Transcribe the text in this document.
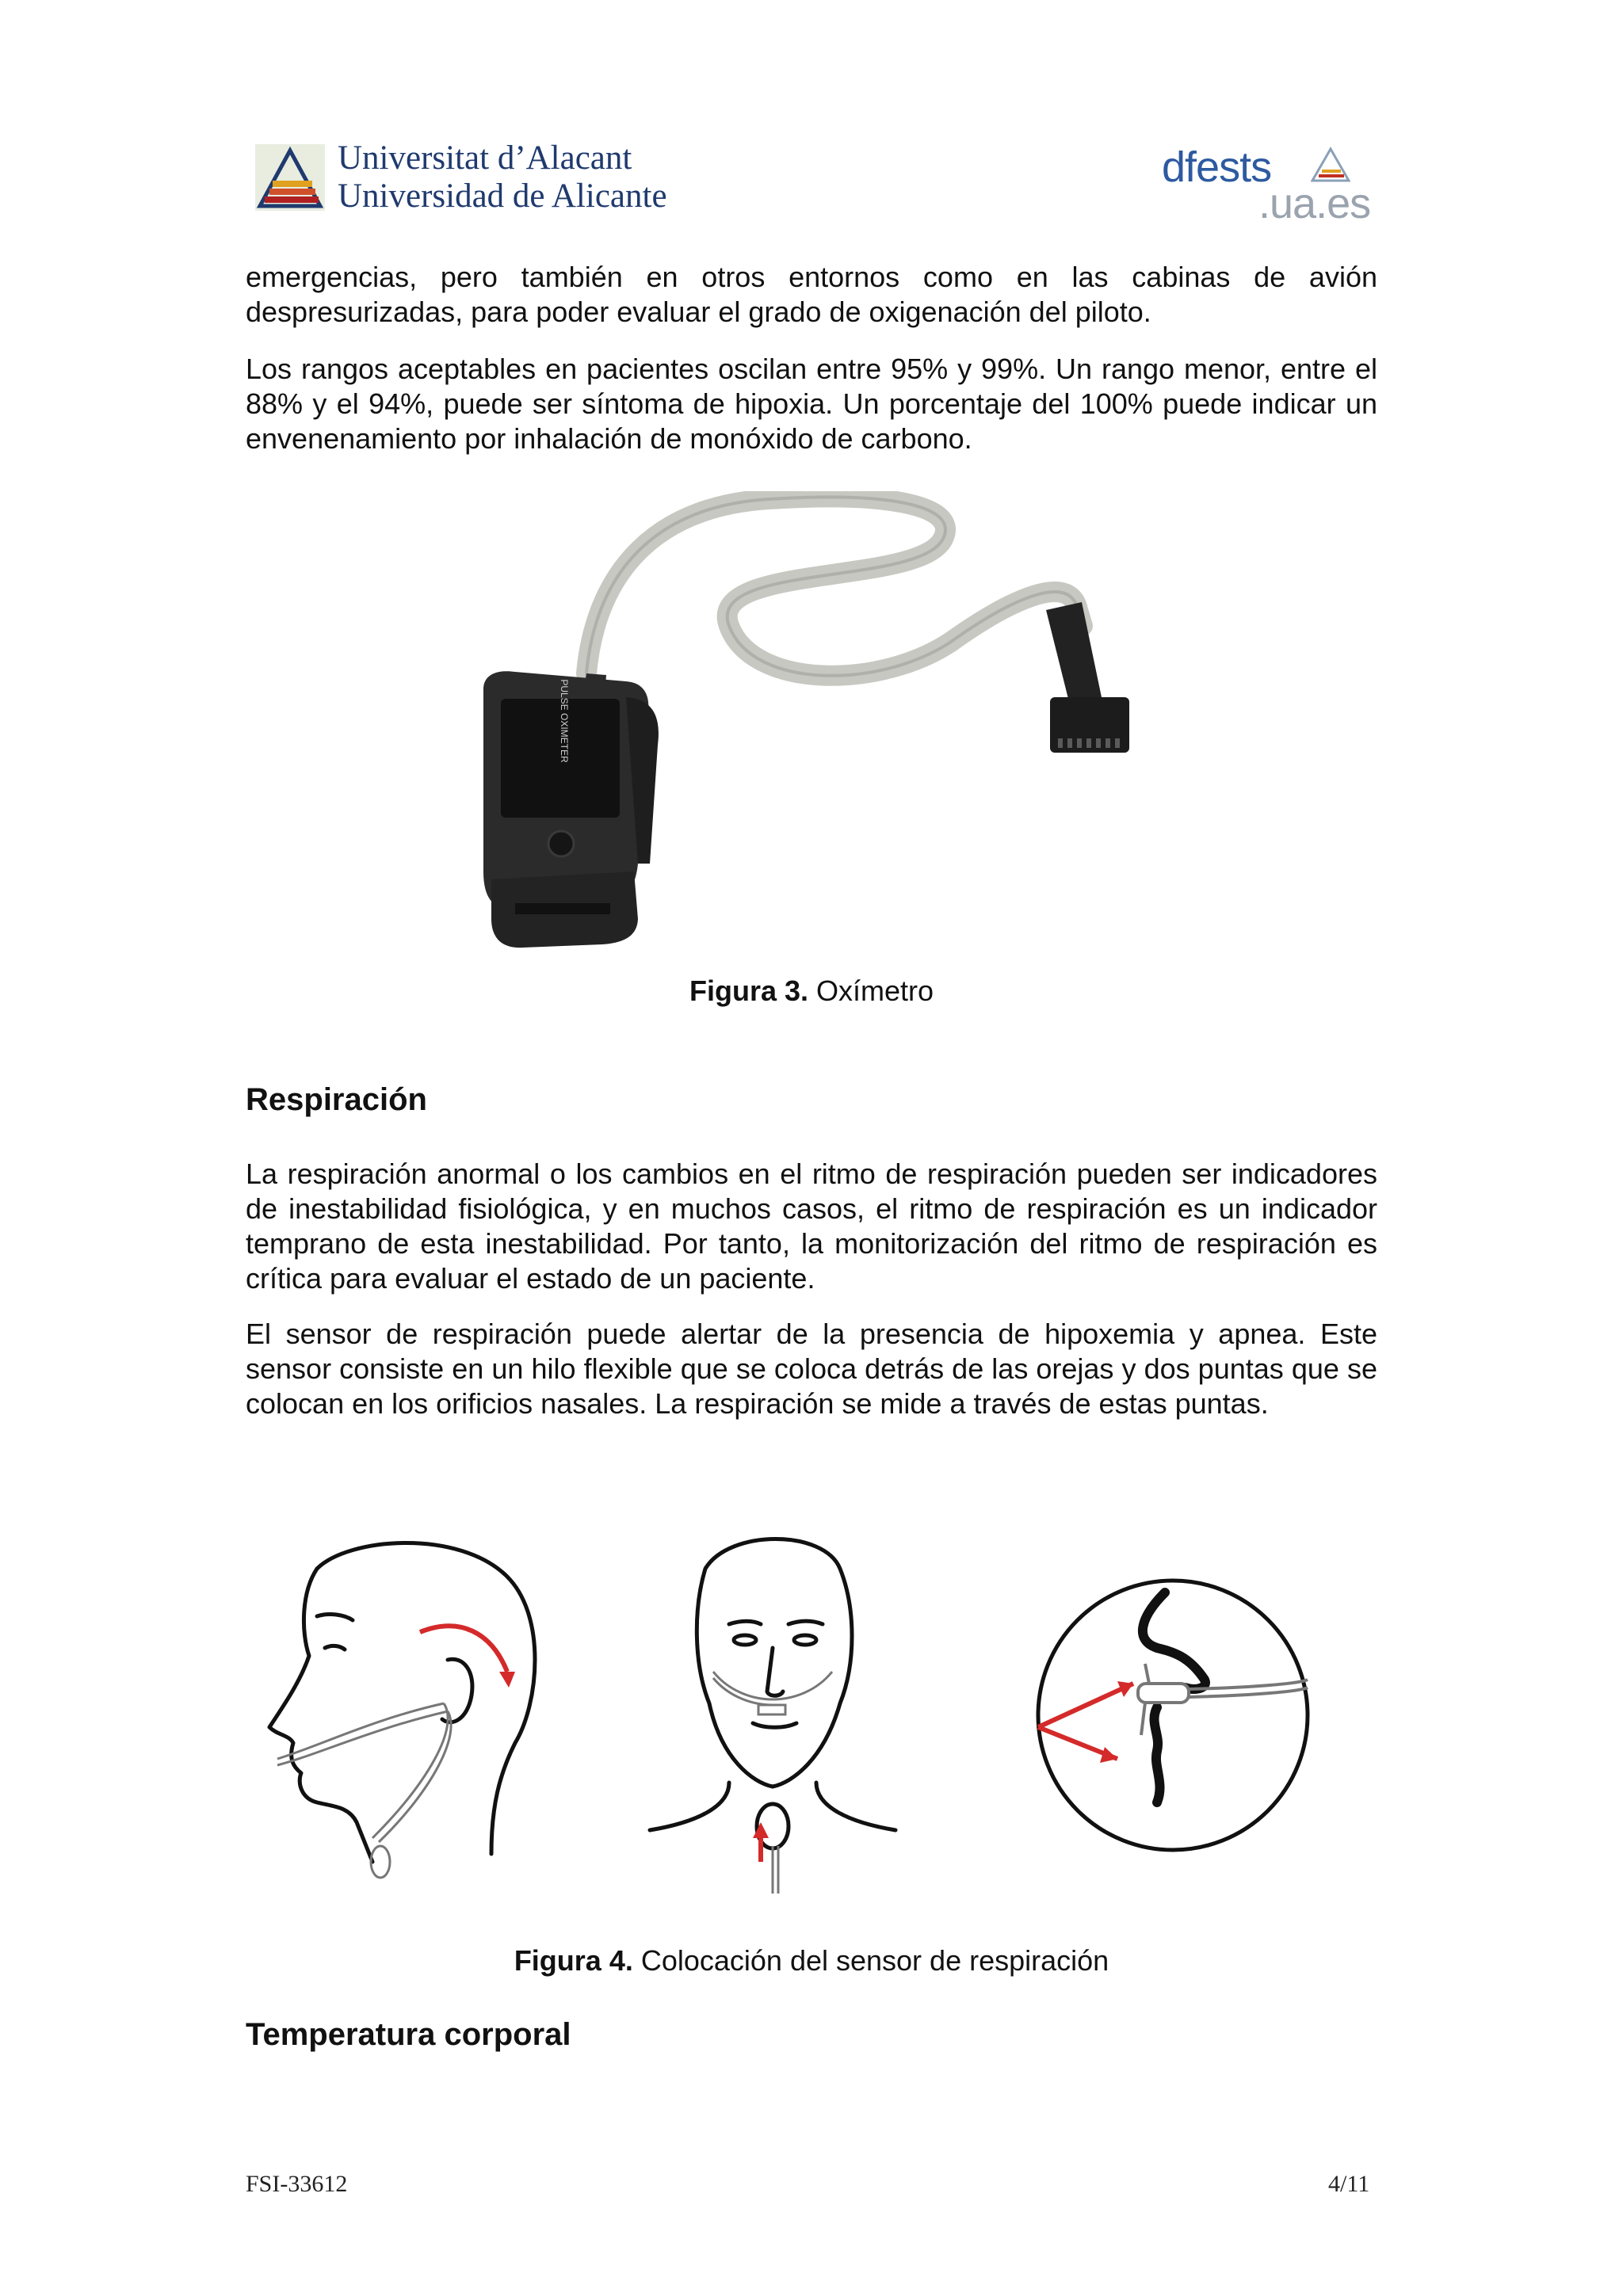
Universitat d’Alacant
Universidad de Alicante
dfests
.ua.es

emergencias, pero también en otros entornos como en las cabinas de avión despresurizadas, para poder evaluar el grado de oxigenación del piloto.

Los rangos aceptables en pacientes oscilan entre 95% y 99%. Un rango menor, entre el 88% y el 94%, puede ser síntoma de hipoxia. Un porcentaje del 100% puede indicar un envenenamiento por inhalación de monóxido de carbono.

PULSE OXIMETER
Figura 3. Oxímetro
Respiración

La respiración anormal o los cambios en el ritmo de respiración pueden ser indicadores de inestabilidad fisiológica, y en muchos casos, el ritmo de respiración es un indicador temprano de esta inestabilidad. Por tanto, la monitorización del ritmo de respiración es crítica para evaluar el estado de un paciente.

El sensor de respiración puede alertar de la presencia de hipoxemia y apnea. Este sensor consiste en un hilo flexible que se coloca detrás de las orejas y dos puntas que se colocan en los orificios nasales. La respiración se mide a través de estas puntas.

Figura 4. Colocación del sensor de respiración
Temperatura corporal
FSI-33612	4/11
